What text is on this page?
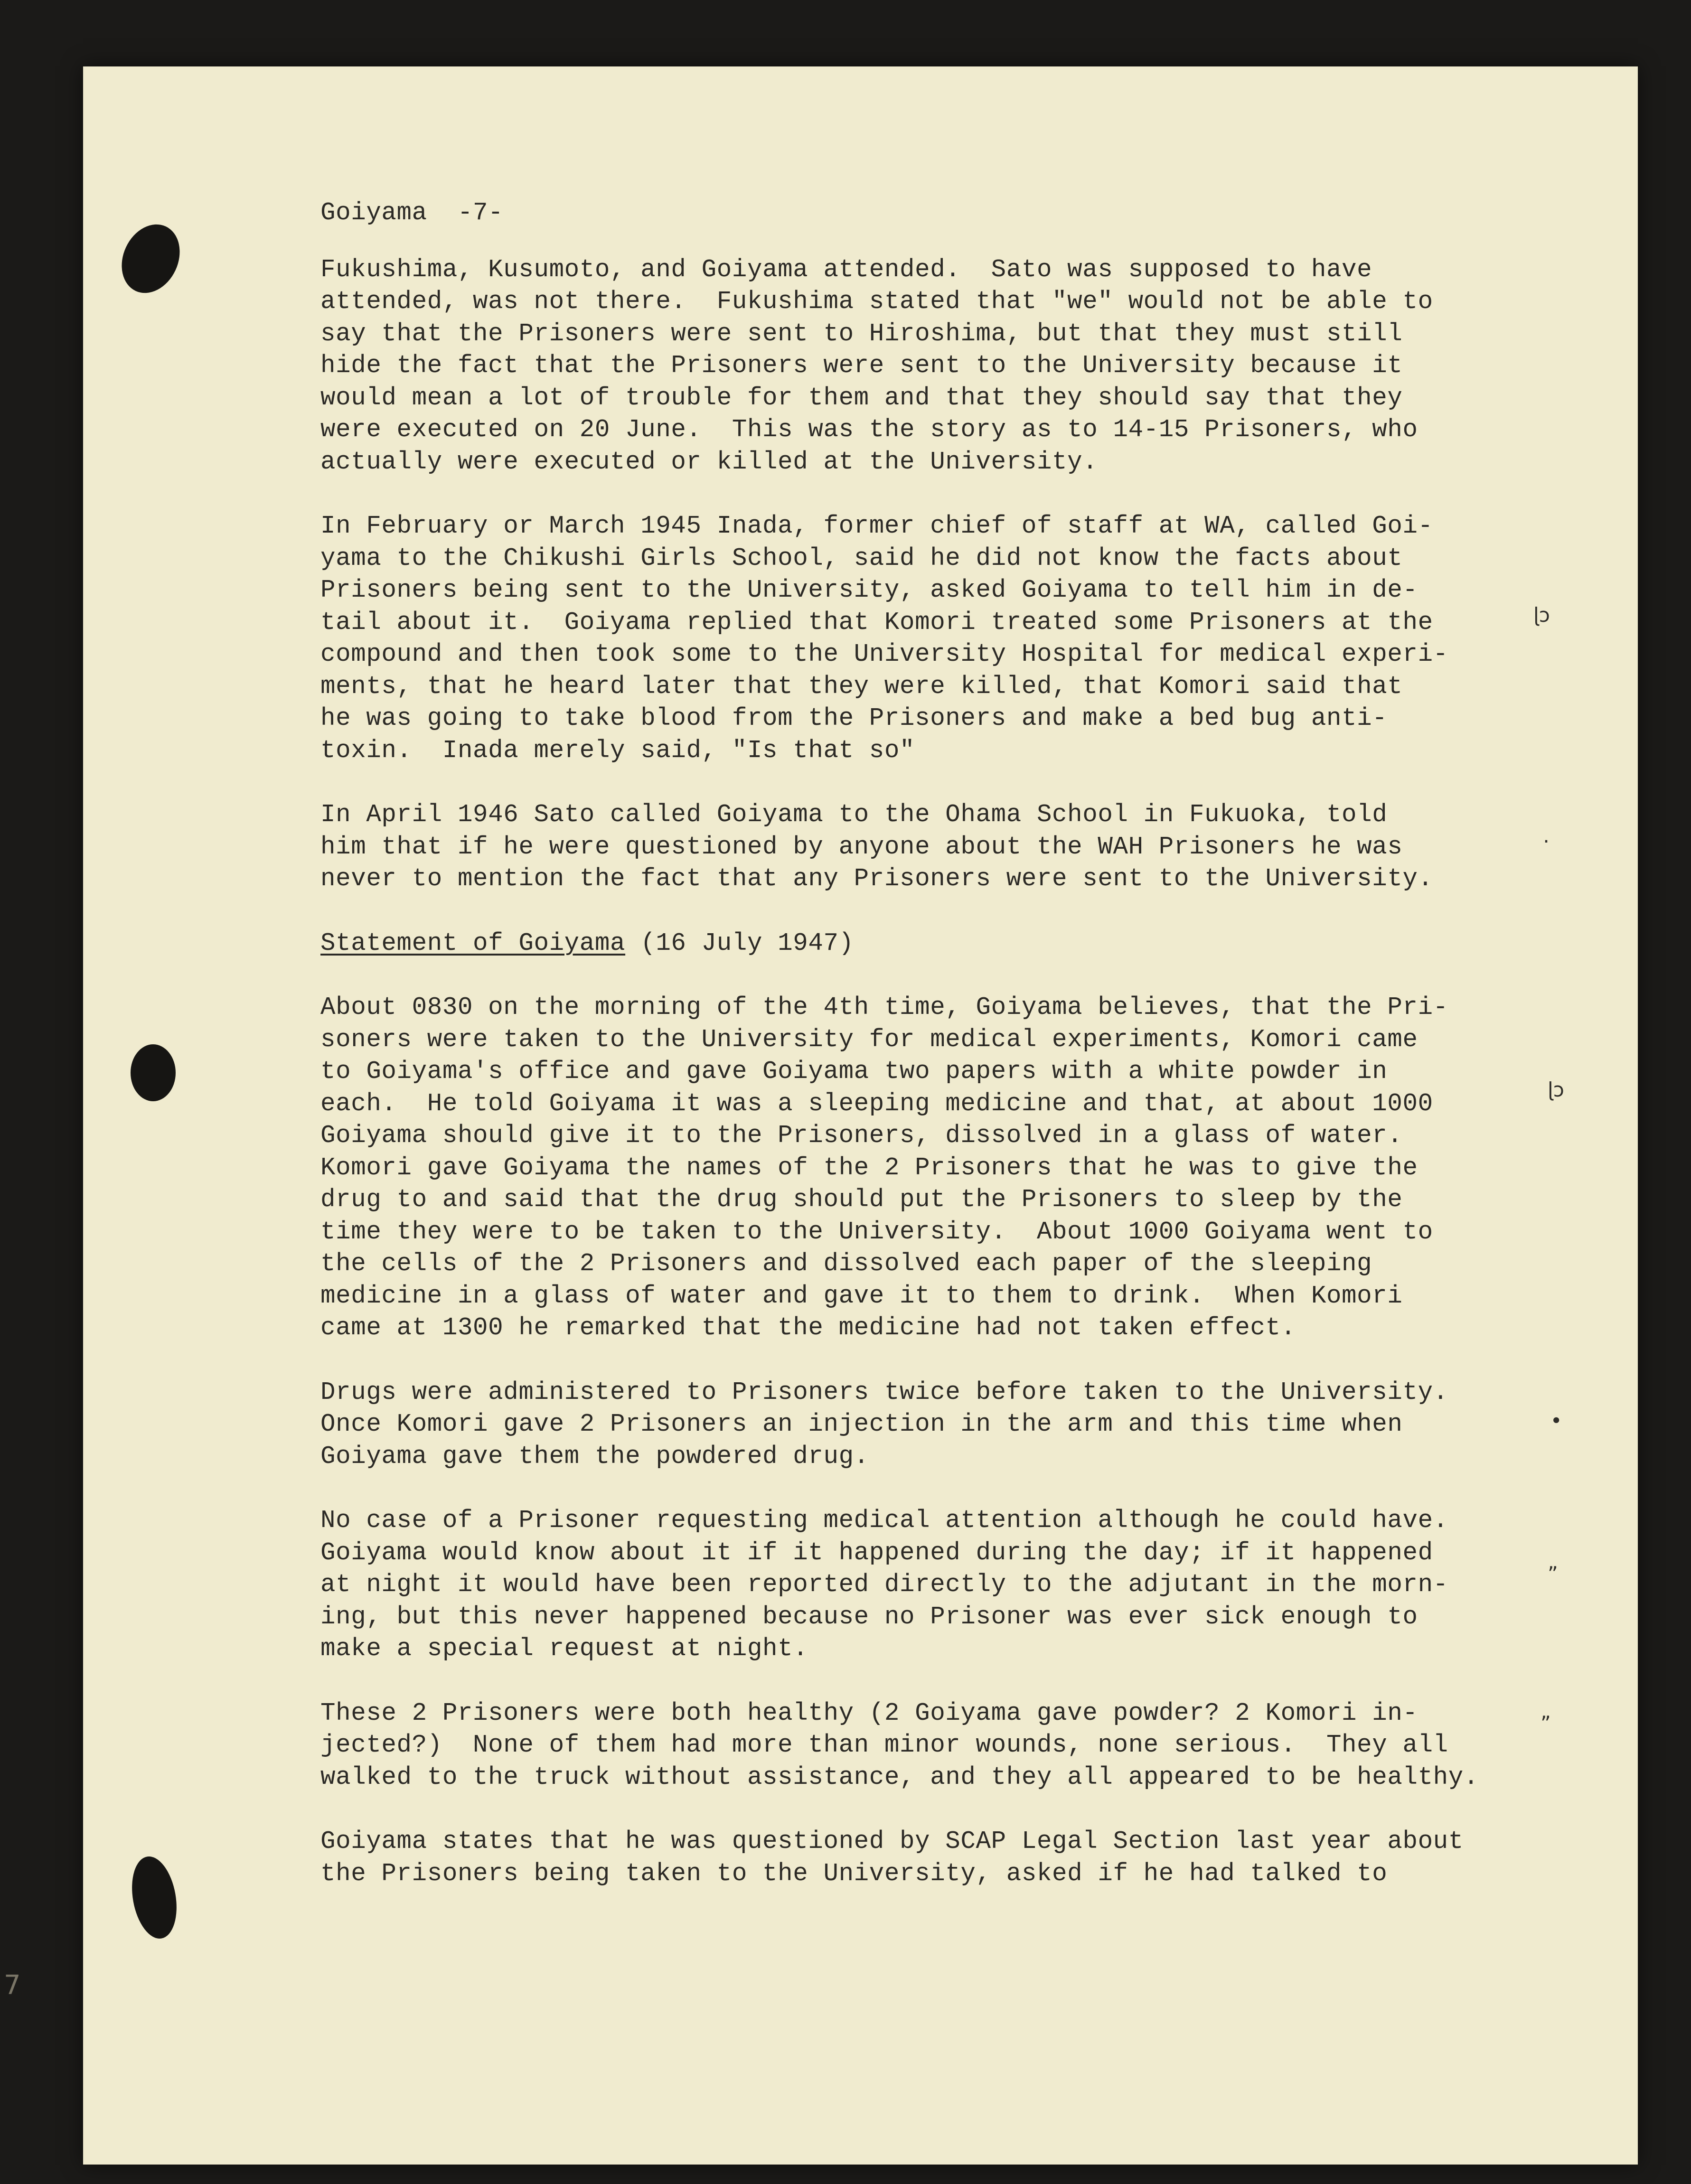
Goiyama  -7-
Fukushima, Kusumoto, and Goiyama attended.  Sato was supposed to have
attended, was not there.  Fukushima stated that "we" would not be able to
say that the Prisoners were sent to Hiroshima, but that they must still
hide the fact that the Prisoners were sent to the University because it
would mean a lot of trouble for them and that they should say that they
were executed on 20 June.  This was the story as to 14-15 Prisoners, who
actually were executed or killed at the University.
In February or March 1945 Inada, former chief of staff at WA, called Goi-
yama to the Chikushi Girls School, said he did not know the facts about
Prisoners being sent to the University, asked Goiyama to tell him in de-
tail about it.  Goiyama replied that Komori treated some Prisoners at the
compound and then took some to the University Hospital for medical experi-
ments, that he heard later that they were killed, that Komori said that
he was going to take blood from the Prisoners and make a bed bug anti-
toxin.  Inada merely said, "Is that so"
In April 1946 Sato called Goiyama to the Ohama School in Fukuoka, told
him that if he were questioned by anyone about the WAH Prisoners he was
never to mention the fact that any Prisoners were sent to the University.
Statement of Goiyama (16 July 1947)
About 0830 on the morning of the 4th time, Goiyama believes, that the Pri-
soners were taken to the University for medical experiments, Komori came
to Goiyama's office and gave Goiyama two papers with a white powder in
each.  He told Goiyama it was a sleeping medicine and that, at about 1000
Goiyama should give it to the Prisoners, dissolved in a glass of water.
Komori gave Goiyama the names of the 2 Prisoners that he was to give the
drug to and said that the drug should put the Prisoners to sleep by the
time they were to be taken to the University.  About 1000 Goiyama went to
the cells of the 2 Prisoners and dissolved each paper of the sleeping
medicine in a glass of water and gave it to them to drink.  When Komori
came at 1300 he remarked that the medicine had not taken effect.
Drugs were administered to Prisoners twice before taken to the University.
Once Komori gave 2 Prisoners an injection in the arm and this time when
Goiyama gave them the powdered drug.
No case of a Prisoner requesting medical attention although he could have.
Goiyama would know about it if it happened during the day; if it happened
at night it would have been reported directly to the adjutant in the morn-
ing, but this never happened because no Prisoner was ever sick enough to
make a special request at night.
These 2 Prisoners were both healthy (2 Goiyama gave powder? 2 Komori in-
jected?)  None of them had more than minor wounds, none serious.  They all
walked to the truck without assistance, and they all appeared to be healthy.
Goiyama states that he was questioned by SCAP Legal Section last year about
the Prisoners being taken to the University, asked if he had talked to
ɭɔ
․
ɭɔ
∙
”
”
7
